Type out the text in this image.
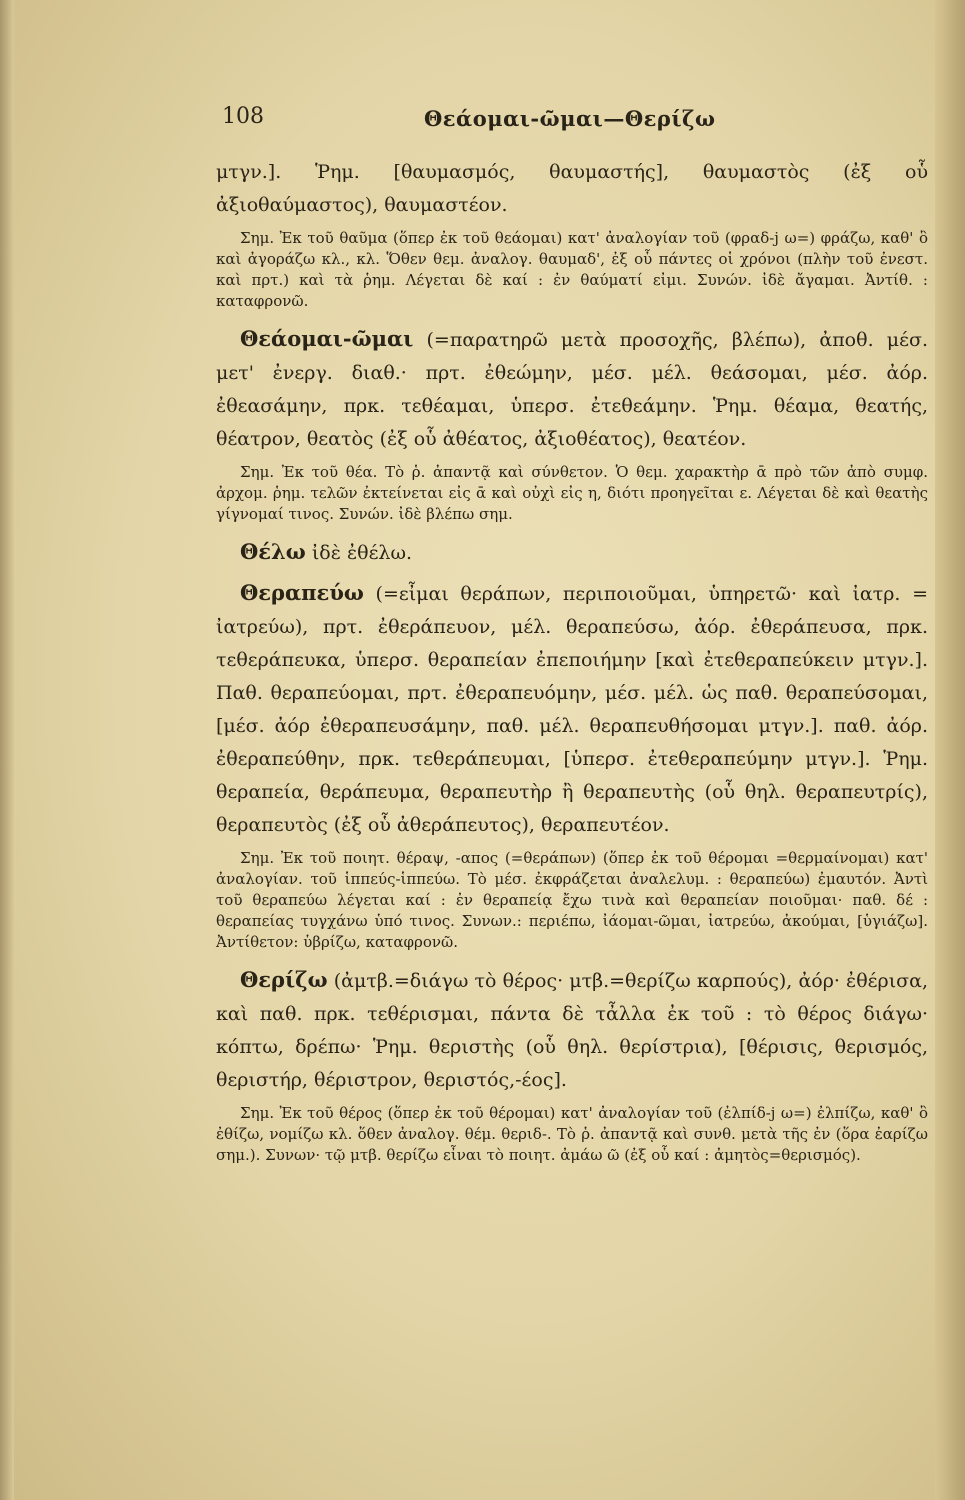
108	Θεάομαι-ῶμαι—Θερίζω

μτγν.]. Ῥημ. [θαυμασμός, θαυμαστής], θαυμαστὸς (ἐξ οὗ ἀξιοθαύμαστος), θαυμαστέον.

Σημ. Ἐκ τοῦ θαῦμα (ὅπερ ἐκ τοῦ θεάομαι) κατ' ἀναλογίαν τοῦ (φραδ-j ω=) φράζω, καθ' ὃ καὶ ἀγοράζω κλ., κλ. Ὅθεν θεμ. ἀναλογ. θαυμαδ', ἐξ οὗ πάντες οἱ χρόνοι (πλὴν τοῦ ἐνεστ. καὶ πρτ.) καὶ τὰ ῥημ. Λέγεται δὲ καί : ἐν θαύματί εἰμι. Συνών. ἰδὲ ἄγαμαι. Ἀντίθ. : καταφρονῶ.

Θεάομαι-ῶμαι (=παρατηρῶ μετὰ προσοχῆς, βλέπω), ἀποθ. μέσ. μετ' ἐνεργ. διαθ.· πρτ. ἐθεώμην, μέσ. μέλ. θεάσομαι, μέσ. ἀόρ. ἐθεασάμην, πρκ. τεθέαμαι, ὑπερσ. ἐτεθεάμην. Ῥημ. θέαμα, θεατής, θέατρον, θεατὸς (ἐξ οὗ ἀθέατος, ἀξιοθέατος), θεατέον.

Σημ. Ἐκ τοῦ θέα. Τὸ ῥ. ἀπαντᾷ καὶ σύνθετον. Ὁ θεμ. χαρακτὴρ ᾱ πρὸ τῶν ἀπὸ συμφ. ἀρχομ. ῥημ. τελῶν ἐκτείνεται εἰς ᾱ καὶ οὐχὶ εἰς η, διότι προηγεῖται ε. Λέγεται δὲ καὶ θεατὴς γίγνομαί τινος. Συνών. ἰδὲ βλέπω σημ.

Θέλω ἰδὲ ἐθέλω.

Θεραπεύω (=εἶμαι θεράπων, περιποιοῦμαι, ὑπηρετῶ· καὶ ἰατρ. = ἰατρεύω), πρτ. ἐθεράπευον, μέλ. θεραπεύσω, ἀόρ. ἐθεράπευσα, πρκ. τεθεράπευκα, ὑπερσ. θεραπείαν ἐπεποιήμην [καὶ ἐτεθεραπεύκειν μτγν.]. Παθ. θεραπεύομαι, πρτ. ἐθεραπευόμην, μέσ. μέλ. ὡς παθ. θεραπεύσομαι, [μέσ. ἀόρ ἐθεραπευσάμην, παθ. μέλ. θεραπευθήσομαι μτγν.]. παθ. ἀόρ. ἐθεραπεύθην, πρκ. τεθεράπευμαι, [ὑπερσ. ἐτεθεραπεύμην μτγν.]. Ῥημ. θεραπεία, θεράπευμα, θεραπευτὴρ ἢ θεραπευτὴς (οὗ θηλ. θεραπευτρίς), θεραπευτὸς (ἐξ οὗ ἀθεράπευτος), θεραπευτέον.

Σημ. Ἐκ τοῦ ποιητ. θέραψ, -απος (=θεράπων) (ὅπερ ἐκ τοῦ θέρομαι =θερμαίνομαι) κατ' ἀναλογίαν. τοῦ ἱππεύς-ἱππεύω. Τὸ μέσ. ἐκφράζεται ἀναλελυμ. : θεραπεύω) ἐμαυτόν. Ἀντὶ τοῦ θεραπεύω λέγεται καί : ἐν θεραπείᾳ ἔχω τινὰ καὶ θεραπείαν ποιοῦμαι· παθ. δέ : θεραπείας τυγχάνω ὑπό τινος. Συνων.: περιέπω, ἰάομαι-ῶμαι, ἰατρεύω, ἀκούμαι, [ὑγιάζω]. Ἀντίθετον: ὑβρίζω, καταφρονῶ.

Θερίζω (ἀμτβ.=διάγω τὸ θέρος· μτβ.=θερίζω καρπούς), ἀόρ· ἐθέρισα, καὶ παθ. πρκ. τεθέρισμαι, πάντα δὲ τἆλλα ἐκ τοῦ : τὸ θέρος διάγω· κόπτω, δρέπω· Ῥημ. θεριστὴς (οὗ θηλ. θερίστρια), [θέρισις, θερισμός, θεριστήρ, θέριστρον, θεριστός,-έος].

Σημ. Ἐκ τοῦ θέρος (ὅπερ ἐκ τοῦ θέρομαι) κατ' ἀναλογίαν τοῦ (ἐλπίδ-j ω=) ἐλπίζω, καθ' ὃ ἐθίζω, νομίζω κλ. ὅθεν ἀναλογ. θέμ. θεριδ-. Τὸ ῥ. ἀπαντᾷ καὶ συνθ. μετὰ τῆς ἐν (ὅρα ἐαρίζω σημ.). Συνων· τῷ μτβ. θερίζω εἶναι τὸ ποιητ. ἀμάω ῶ (ἐξ οὗ καί : ἀμητὸς=θερισμός).
